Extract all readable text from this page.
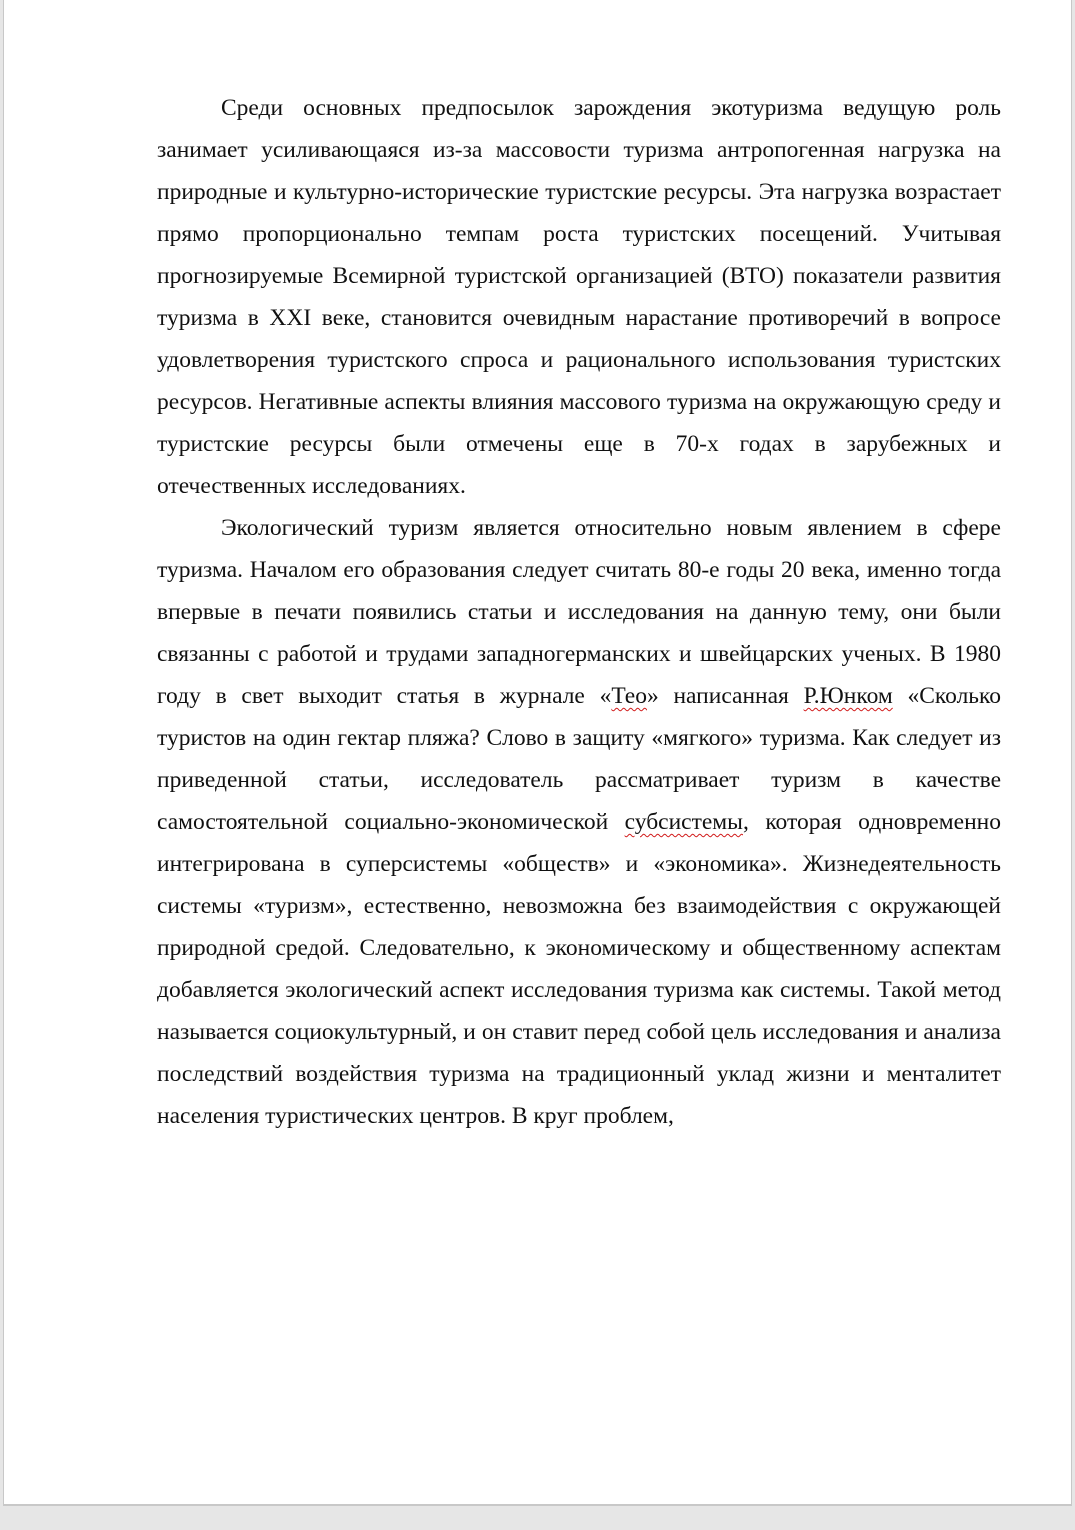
Среди основных предпосылок зарождения экотуризма ведущую роль занимает усиливающаяся из-за массовости туризма антропогенная нагрузка на природные и культурно-исторические туристские ресурсы. Эта нагрузка возрастает прямо пропорционально темпам роста туристских посещений. Учитывая прогнозируемые Всемирной туристской организацией (ВТО) показатели развития туризма в XXI веке, становится очевидным нарастание противоречий в вопросе удовлетворения туристского спроса и рационального использования туристских ресурсов. Негативные аспекты влияния массового туризма на окружающую среду и туристские ресурсы были отмечены еще в 70-х годах в зарубежных и отечественных исследованиях.

Экологический туризм является относительно новым явлением в сфере туризма. Началом его образования следует считать 80-е годы 20 века, именно тогда впервые в печати появились статьи и исследования на данную тему, они были связанны с работой и трудами западногерманских и швейцарских ученых. В 1980 году в свет выходит статья в журнале «Тео» написанная Р.Юнком «Сколько туристов на один гектар пляжа? Слово в защиту «мягкого» туризма. Как следует из приведенной статьи, исследователь рассматривает туризм в качестве самостоятельной социально-экономической субсистемы, которая одновременно интегрирована в суперсистемы «обществ» и «экономика». Жизнедеятельность системы «туризм», естественно, невозможна без взаимодействия с окружающей природной средой. Следовательно, к экономическому и общественному аспектам добавляется экологический аспект исследования туризма как системы. Такой метод называется социокультурный, и он ставит перед собой цель исследования и анализа последствий воздействия туризма на традиционный уклад жизни и менталитет населения туристических центров. В круг проблем,
